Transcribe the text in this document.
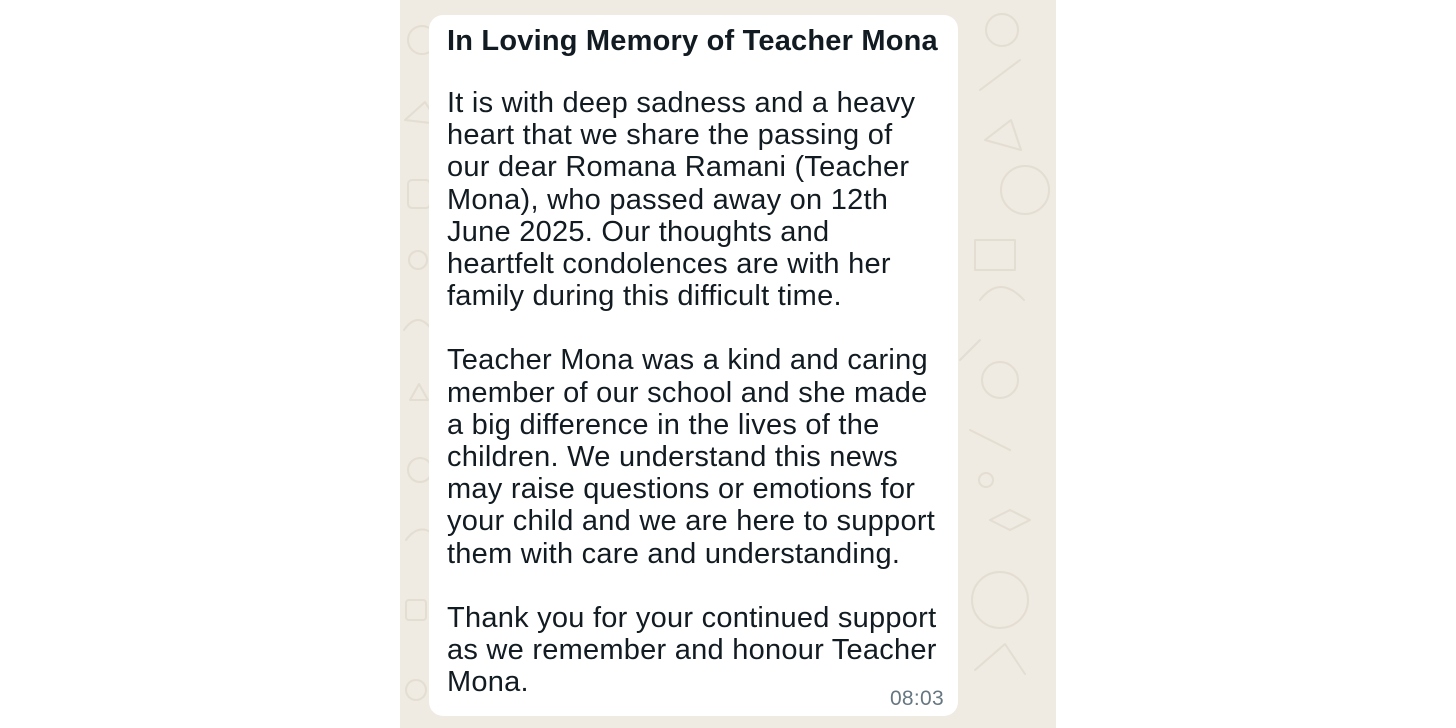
In Loving Memory of Teacher Mona

It is with deep sadness and a heavy heart that we share the passing of our dear Romana Ramani (Teacher Mona), who passed away on 12th June 2025. Our thoughts and heartfelt condolences are with her family during this difficult time.

Teacher Mona was a kind and caring member of our school and she made a big difference in the lives of the children. We understand this news may raise questions or emotions for your child and we are here to support them with care and understanding.

Thank you for your continued support as we remember and honour Teacher Mona.

08:03
